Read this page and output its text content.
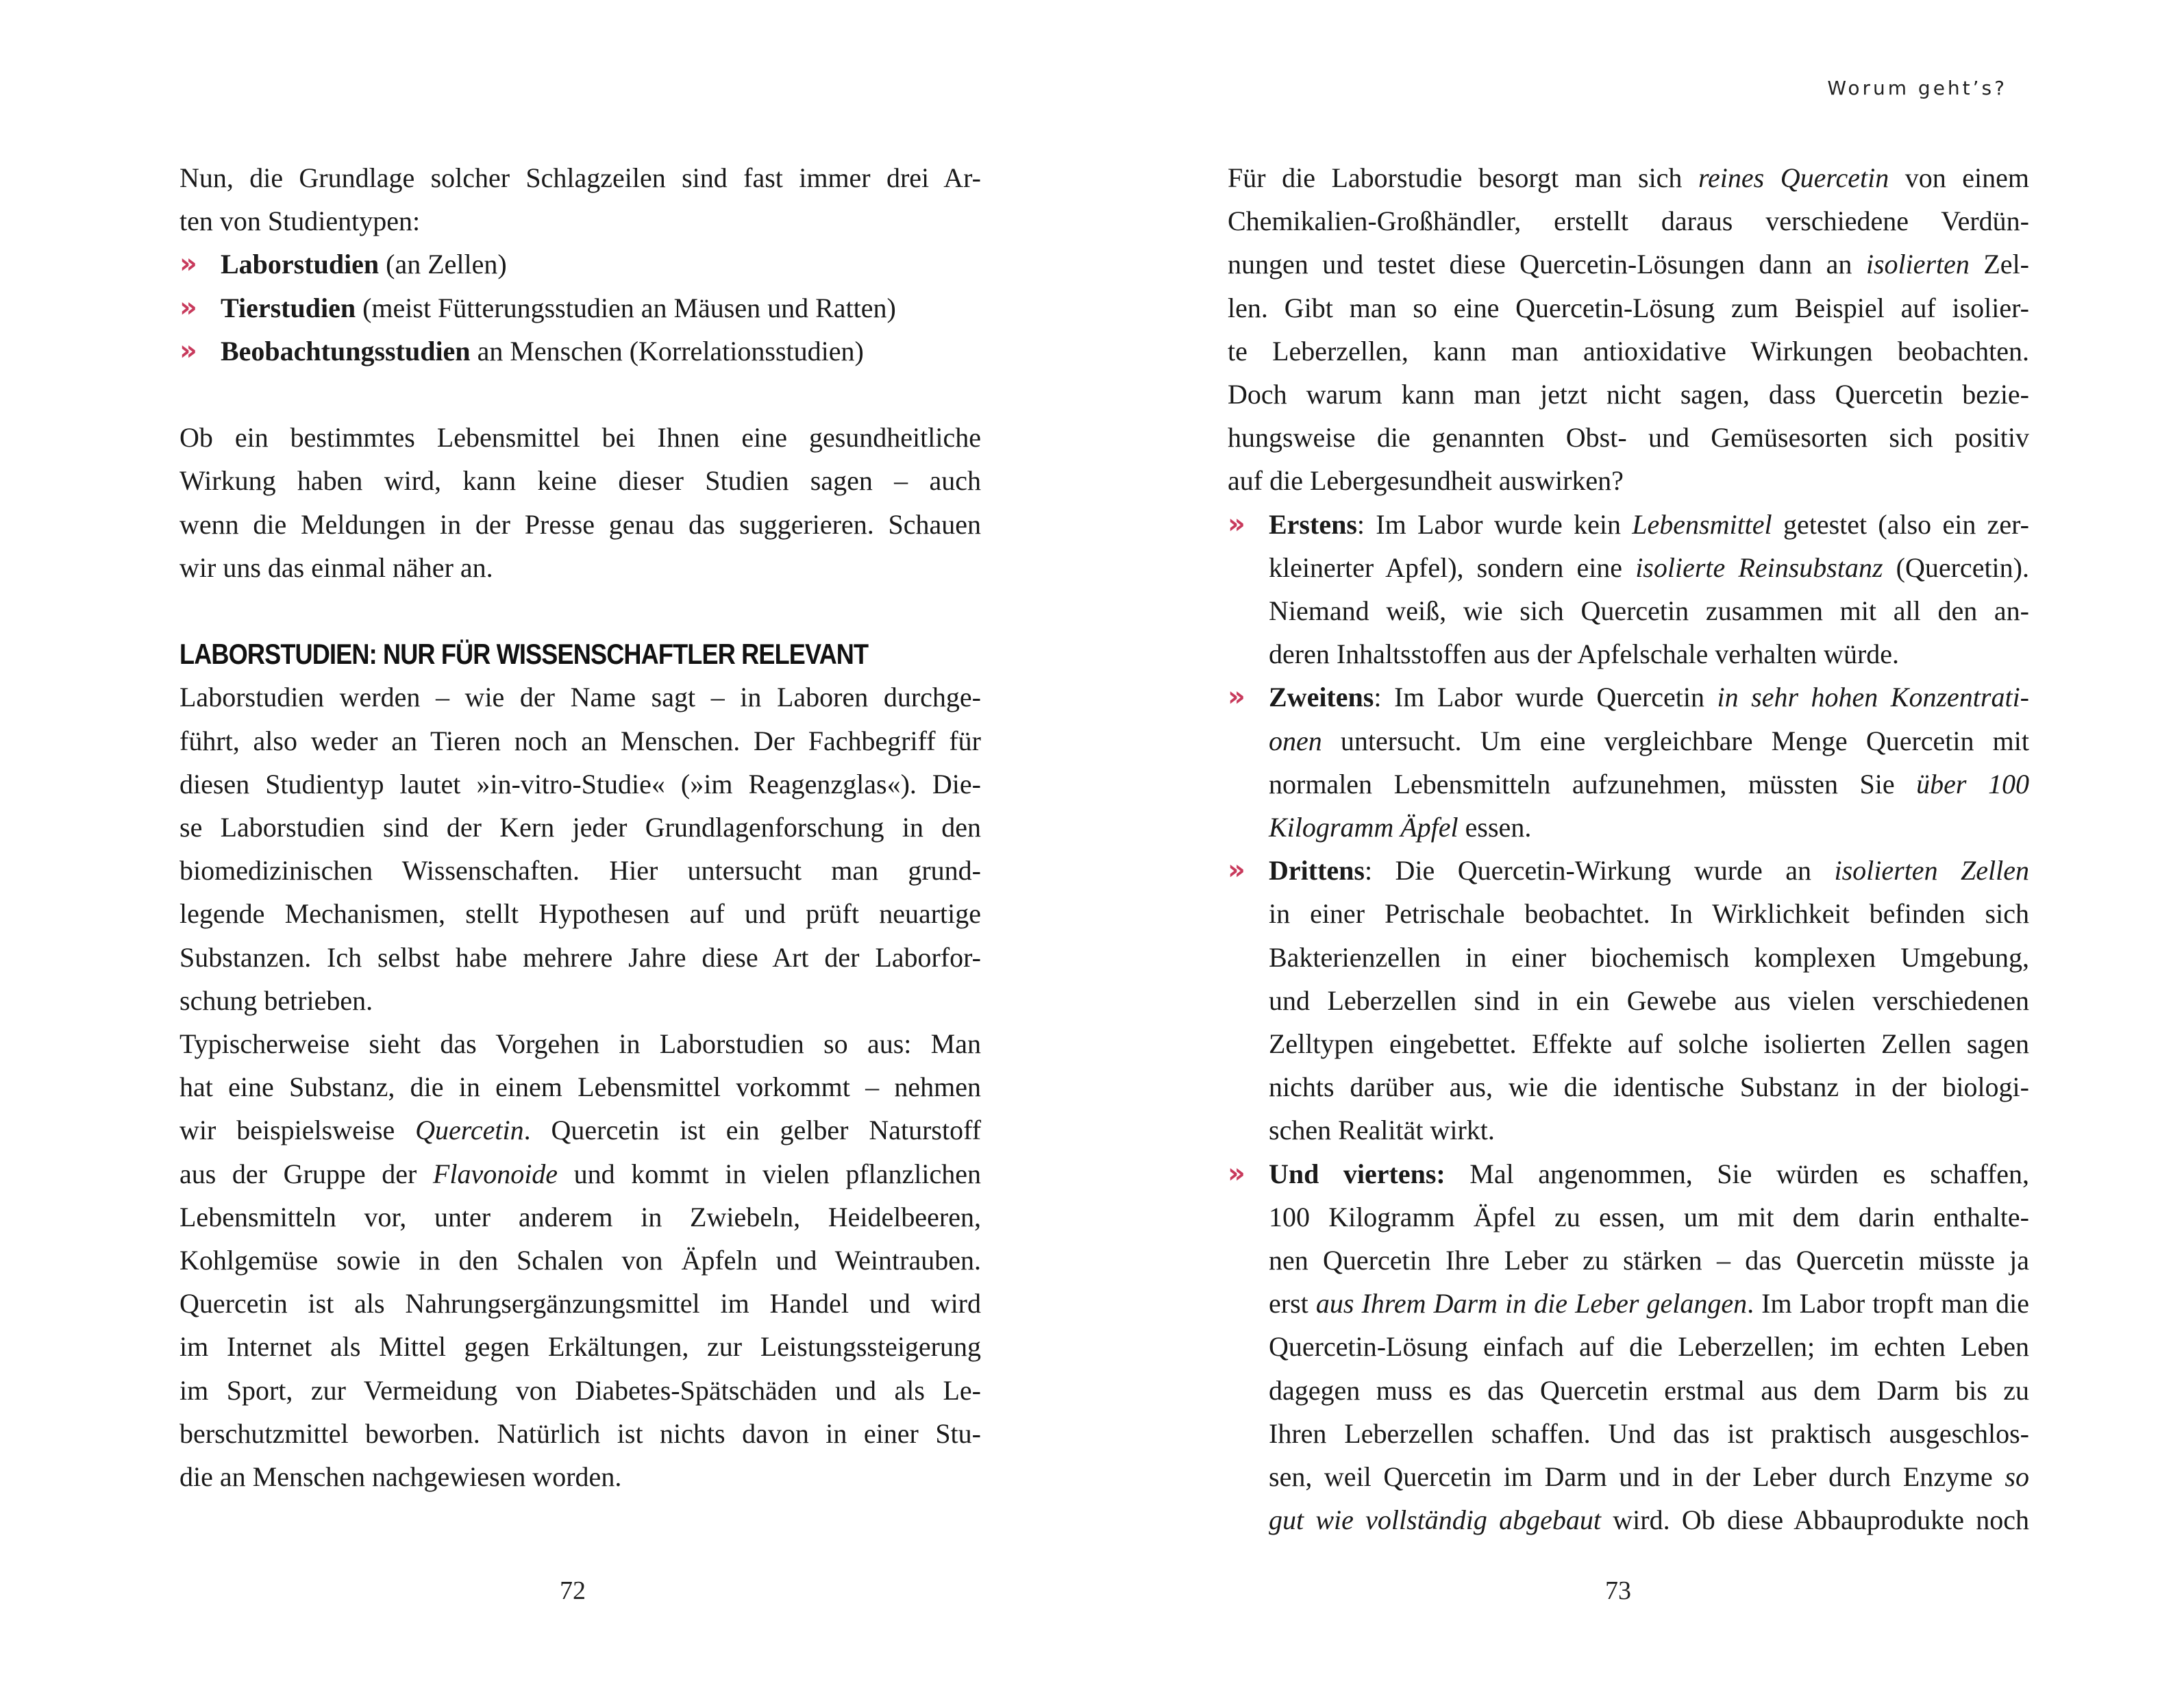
Nun, die Grundlage solcher Schlagzeilen sind fast immer drei Ar-
ten von Studientypen:

» Laborstudien (an Zellen)
» Tierstudien (meist Fütterungsstudien an Mäusen und Ratten)
» Beobachtungsstudien an Menschen (Korrelationsstudien)

Ob ein bestimmtes Lebensmittel bei Ihnen eine gesundheitliche
Wirkung haben wird, kann keine dieser Studien sagen – auch
wenn die Meldungen in der Presse genau das suggerieren. Schauen
wir uns das einmal näher an.

LABORSTUDIEN: NUR FÜR WISSENSCHAFTLER RELEVANT

Laborstudien werden – wie der Name sagt – in Laboren durchge-
führt, also weder an Tieren noch an Menschen. Der Fachbegriff für
diesen Studientyp lautet »in-vitro-Studie« (»im Reagenzglas«). Die-
se Laborstudien sind der Kern jeder Grundlagenforschung in den
biomedizinischen Wissenschaften. Hier untersucht man grund-
legende Mechanismen, stellt Hypothesen auf und prüft neuartige
Substanzen. Ich selbst habe mehrere Jahre diese Art der Laborfor-
schung betrieben.

Typischerweise sieht das Vorgehen in Laborstudien so aus: Man
hat eine Substanz, die in einem Lebensmittel vorkommt – nehmen
wir beispielsweise Quercetin. Quercetin ist ein gelber Naturstoff
aus der Gruppe der Flavonoide und kommt in vielen pflanzlichen
Lebensmitteln vor, unter anderem in Zwiebeln, Heidelbeeren,
Kohlgemüse sowie in den Schalen von Äpfeln und Weintrauben.
Quercetin ist als Nahrungsergänzungsmittel im Handel und wird
im Internet als Mittel gegen Erkältungen, zur Leistungssteigerung
im Sport, zur Vermeidung von Diabetes-Spätschäden und als Le-
berschutzmittel beworben. Natürlich ist nichts davon in einer Stu-
die an Menschen nachgewiesen worden.

72
Worum geht’s?

Für die Laborstudie besorgt man sich reines Quercetin von einem
Chemikalien-Großhändler, erstellt daraus verschiedene Verdün-
nungen und testet diese Quercetin-Lösungen dann an isolierten Zel-
len. Gibt man so eine Quercetin-Lösung zum Beispiel auf isolier-
te Leberzellen, kann man antioxidative Wirkungen beobachten.
Doch warum kann man jetzt nicht sagen, dass Quercetin bezie-
hungsweise die genannten Obst- und Gemüsesorten sich positiv
auf die Lebergesundheit auswirken?

» Erstens: Im Labor wurde kein Lebensmittel getestet (also ein zer-
kleinerter Apfel), sondern eine isolierte Reinsubstanz (Quercetin).
Niemand weiß, wie sich Quercetin zusammen mit all den an-
deren Inhaltsstoffen aus der Apfelschale verhalten würde.
» Zweitens: Im Labor wurde Quercetin in sehr hohen Konzentrati-
onen untersucht. Um eine vergleichbare Menge Quercetin mit
normalen Lebensmitteln aufzunehmen, müssten Sie über 100
Kilogramm Äpfel essen.
» Drittens: Die Quercetin-Wirkung wurde an isolierten Zellen
in einer Petrischale beobachtet. In Wirklichkeit befinden sich
Bakterienzellen in einer biochemisch komplexen Umgebung,
und Leberzellen sind in ein Gewebe aus vielen verschiedenen
Zelltypen eingebettet. Effekte auf solche isolierten Zellen sagen
nichts darüber aus, wie die identische Substanz in der biologi-
schen Realität wirkt.
» Und viertens: Mal angenommen, Sie würden es schaffen,
100 Kilogramm Äpfel zu essen, um mit dem darin enthalte-
nen Quercetin Ihre Leber zu stärken – das Quercetin müsste ja
erst aus Ihrem Darm in die Leber gelangen. Im Labor tropft man die
Quercetin-Lösung einfach auf die Leberzellen; im echten Leben
dagegen muss es das Quercetin erstmal aus dem Darm bis zu
Ihren Leberzellen schaffen. Und das ist praktisch ausgeschlos-
sen, weil Quercetin im Darm und in der Leber durch Enzyme so
gut wie vollständig abgebaut wird. Ob diese Abbauprodukte noch
73
